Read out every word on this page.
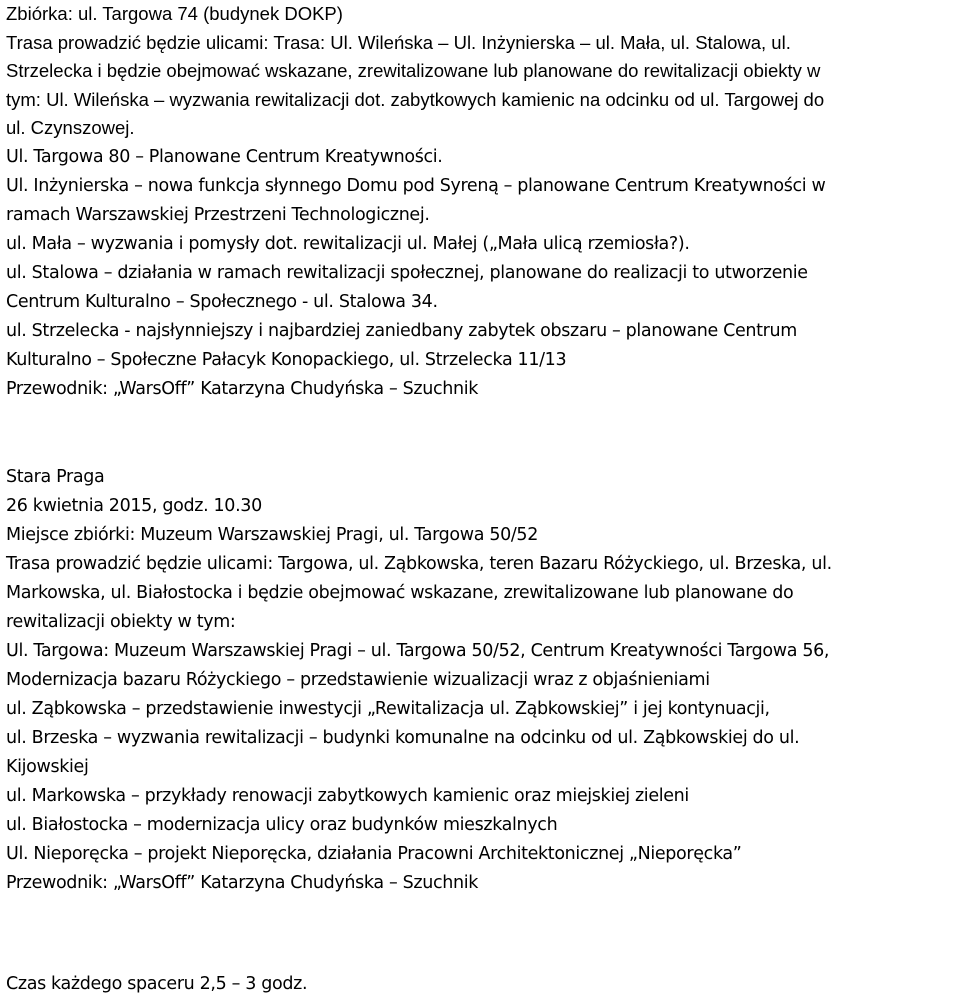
Zbiórka: ul. Targowa 74 (budynek DOKP)
Trasa prowadzić będzie ulicami: Trasa: Ul. Wileńska – Ul. Inżynierska – ul. Mała, ul. Stalowa, ul.
Strzelecka i będzie obejmować wskazane, zrewitalizowane lub planowane do rewitalizacji obiekty w
tym: Ul. Wileńska – wyzwania rewitalizacji dot. zabytkowych kamienic na odcinku od ul. Targowej do
ul. Czynszowej.
Ul. Targowa 80 – Planowane Centrum Kreatywności.
Ul. Inżynierska – nowa funkcja słynnego Domu pod Syreną – planowane Centrum Kreatywności w
ramach Warszawskiej Przestrzeni Technologicznej.
ul. Mała – wyzwania i pomysły dot. rewitalizacji ul. Małej („Mała ulicą rzemiosła?).
ul. Stalowa – działania w ramach rewitalizacji społecznej, planowane do realizacji to utworzenie
Centrum Kulturalno – Społecznego - ul. Stalowa 34.
ul. Strzelecka - najsłynniejszy i najbardziej zaniedbany zabytek obszaru – planowane Centrum
Kulturalno – Społeczne Pałacyk Konopackiego, ul. Strzelecka 11/13
Przewodnik: „WarsOff” Katarzyna Chudyńska – Szuchnik
Stara Praga
26 kwietnia 2015, godz. 10.30
Miejsce zbiórki: Muzeum Warszawskiej Pragi, ul. Targowa 50/52
Trasa prowadzić będzie ulicami: Targowa, ul. Ząbkowska, teren Bazaru Różyckiego, ul. Brzeska, ul.
Markowska, ul. Białostocka i będzie obejmować wskazane, zrewitalizowane lub planowane do
rewitalizacji obiekty w tym:
Ul. Targowa: Muzeum Warszawskiej Pragi – ul. Targowa 50/52, Centrum Kreatywności Targowa 56,
Modernizacja bazaru Różyckiego – przedstawienie wizualizacji wraz z objaśnieniami
ul. Ząbkowska – przedstawienie inwestycji „Rewitalizacja ul. Ząbkowskiej” i jej kontynuacji,
ul. Brzeska – wyzwania rewitalizacji – budynki komunalne na odcinku od ul. Ząbkowskiej do ul.
Kijowskiej
ul. Markowska – przykłady renowacji zabytkowych kamienic oraz miejskiej zieleni
ul. Białostocka – modernizacja ulicy oraz budynków mieszkalnych
Ul. Nieporęcka – projekt Nieporęcka, działania Pracowni Architektonicznej „Nieporęcka”
Przewodnik: „WarsOff” Katarzyna Chudyńska – Szuchnik
Czas każdego spaceru 2,5 – 3 godz.
